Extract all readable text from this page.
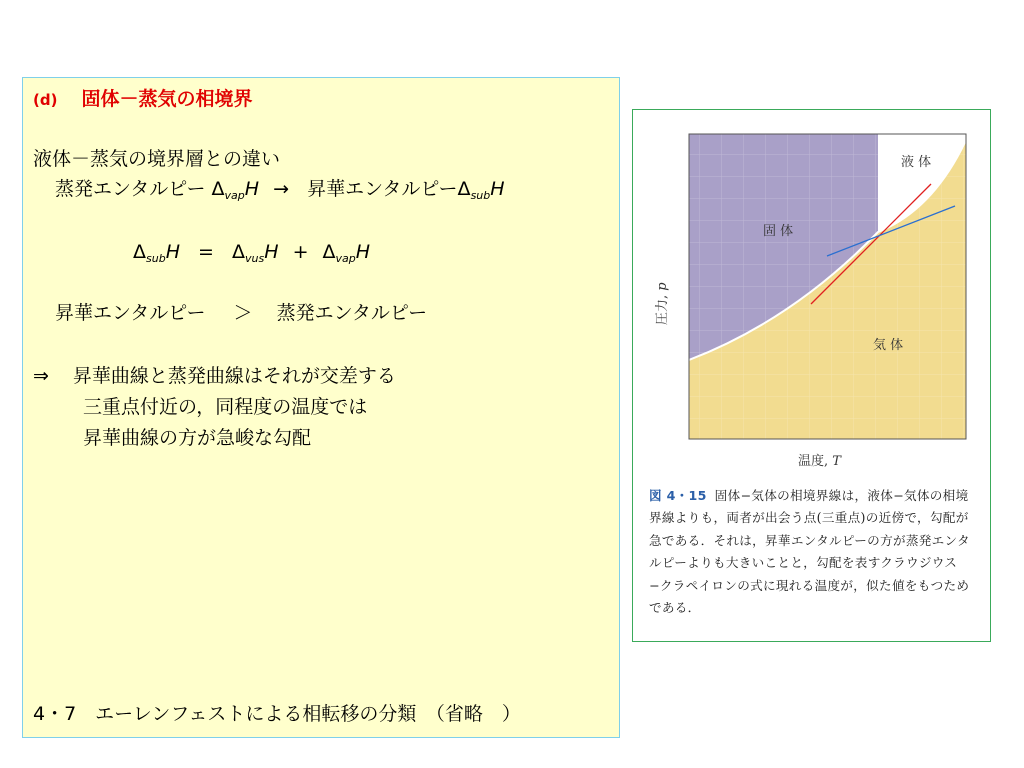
(d) 固体－蒸気の相境界
液体－蒸気の境界層との違い
蒸発エンタルピー $\Delta_{vap}H$ → 昇華エンタルピー$\Delta_{sub}H$
$\Delta_{sub}H = \Delta_{vus}H + \Delta_{vap}H$
昇華エンタルピー ＞ 蒸発エンタルピー
⇒ 昇華曲線と蒸発曲線はそれが交差する
三重点付近の，同程度の温度では
昇華曲線の方が急峻な勾配
4・7　エーレンフェストによる相転移の分類　（省略　）
液 体
固 体
気 体
圧力, p
温度, T
図 4・15 固体−気体の相境界線は，液体−気体の相境界線よりも，両者が出会う点(三重点)の近傍で，勾配が急である．それは，昇華エンタルピーの方が蒸発エンタルピーよりも大きいことと，勾配を表すクラウジウス−クラペイロンの式に現れる温度が，似た値をもつためである．
